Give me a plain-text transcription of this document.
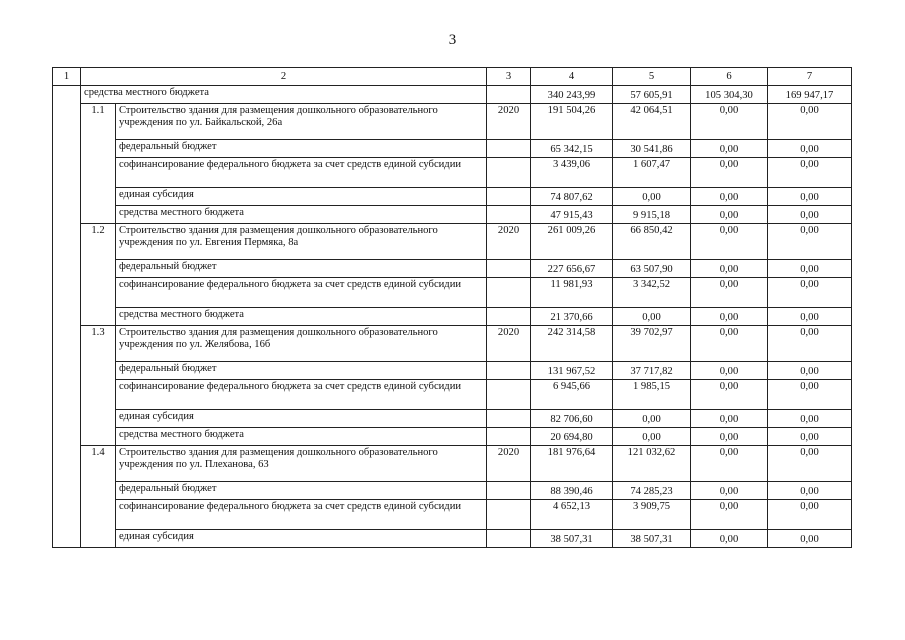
3
1	2		3	4	5	6	7
	средства местного бюджета			340 243,99	57 605,91	105 304,30	169 947,17
	1.1	Строительство здания для размещения дошкольного образовательного учреждения по ул. Байкальской, 26а	2020	191 504,26	42 064,51	0,00	0,00
		федеральный бюджет		65 342,15	30 541,86	0,00	0,00
		софинансирование федерального бюджета за счет средств единой субсидии		3 439,06	1 607,47	0,00	0,00
		единая субсидия		74 807,62	0,00	0,00	0,00
		средства местного бюджета		47 915,43	9 915,18	0,00	0,00
	1.2	Строительство здания для размещения дошкольного образовательного учреждения по ул. Евгения Пермяка, 8а	2020	261 009,26	66 850,42	0,00	0,00
		федеральный бюджет		227 656,67	63 507,90	0,00	0,00
		софинансирование федерального бюджета за счет средств единой субсидии		11 981,93	3 342,52	0,00	0,00
		средства местного бюджета		21 370,66	0,00	0,00	0,00
	1.3	Строительство здания для размещения дошкольного образовательного учреждения по ул. Желябова, 16б	2020	242 314,58	39 702,97	0,00	0,00
		федеральный бюджет		131 967,52	37 717,82	0,00	0,00
		софинансирование федерального бюджета за счет средств единой субсидии		6 945,66	1 985,15	0,00	0,00
		единая субсидия		82 706,60	0,00	0,00	0,00
		средства местного бюджета		20 694,80	0,00	0,00	0,00
	1.4	Строительство здания для размещения дошкольного образовательного учреждения по ул. Плеханова, 63	2020	181 976,64	121 032,62	0,00	0,00
		федеральный бюджет		88 390,46	74 285,23	0,00	0,00
		софинансирование федерального бюджета за счет средств единой субсидии		4 652,13	3 909,75	0,00	0,00
		единая субсидия		38 507,31	38 507,31	0,00	0,00
